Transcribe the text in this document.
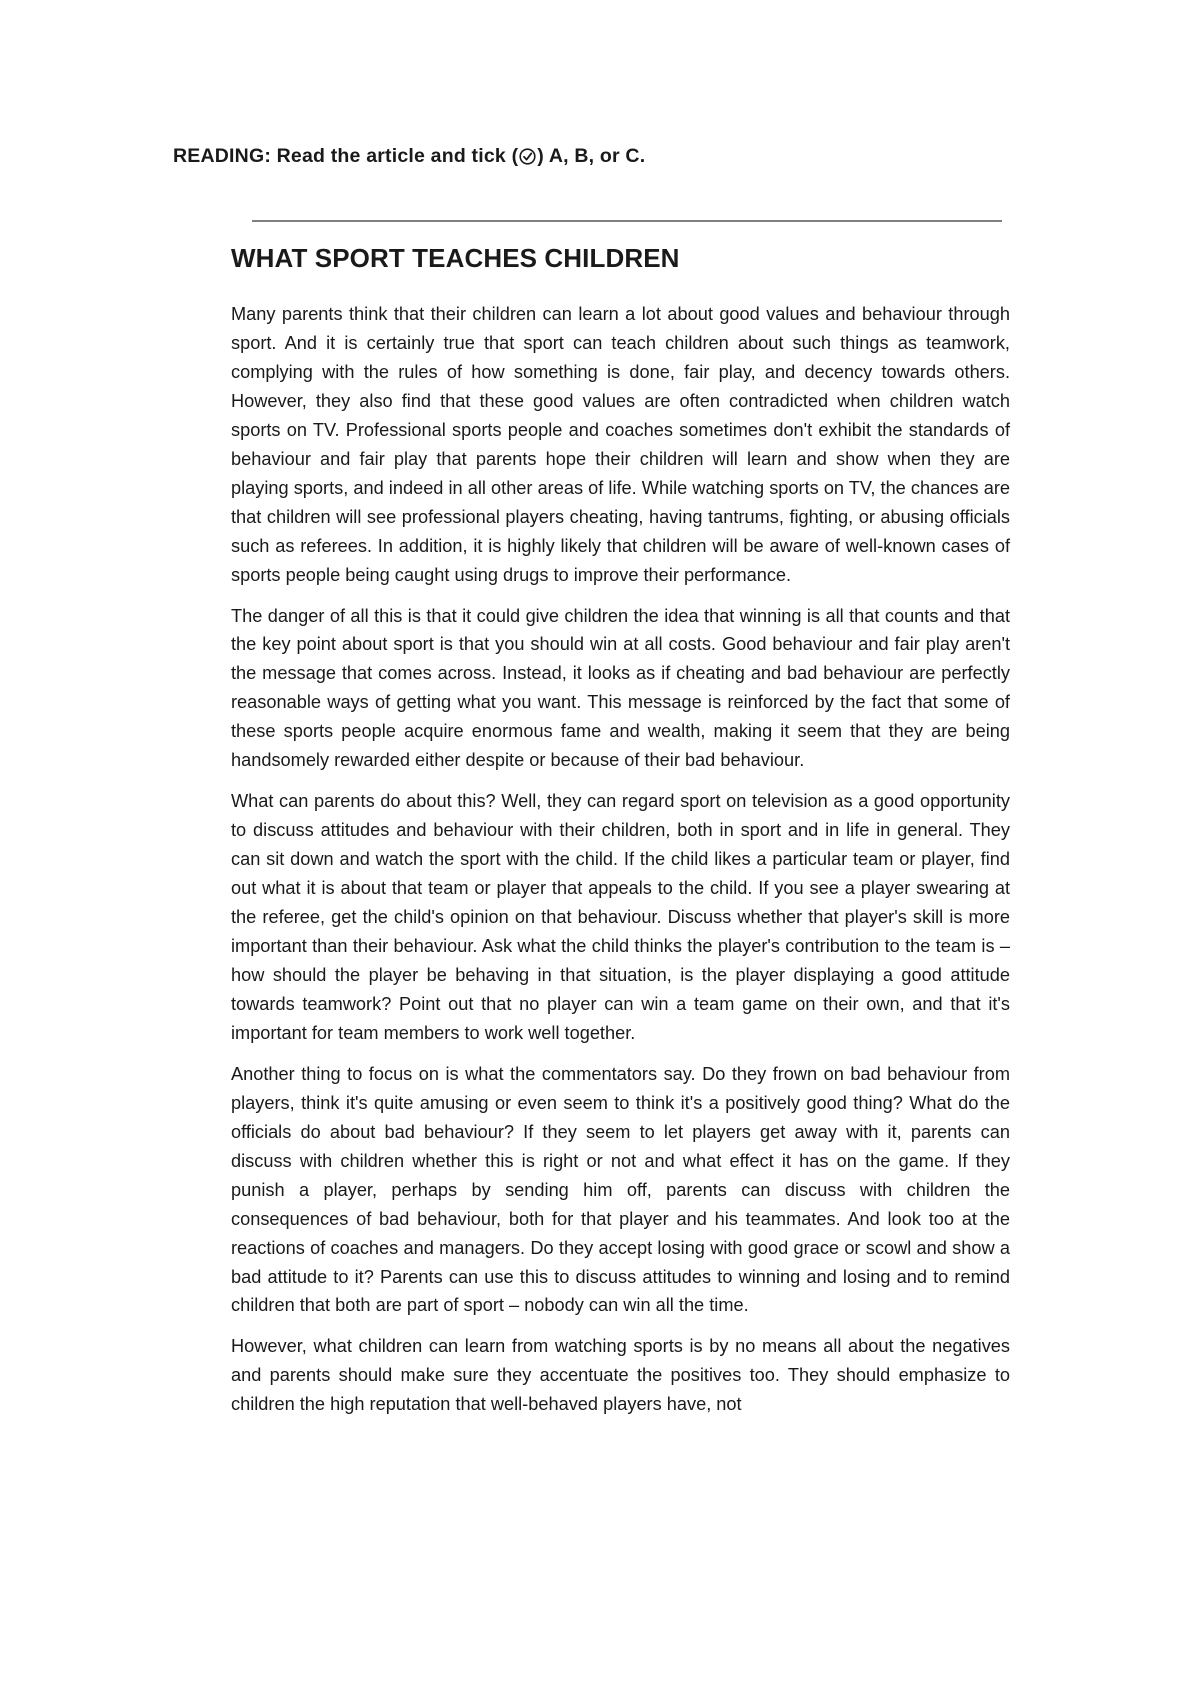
READING: Read the article and tick ( ) A, B, or C.
WHAT SPORT TEACHES CHILDREN

Many parents think that their children can learn a lot about good values and behaviour through sport. And it is certainly true that sport can teach children about such things as teamwork, complying with the rules of how something is done, fair play, and decency towards others. However, they also find that these good values are often contradicted when children watch sports on TV. Professional sports people and coaches sometimes don't exhibit the standards of behaviour and fair play that parents hope their children will learn and show when they are playing sports, and indeed in all other areas of life. While watching sports on TV, the chances are that children will see professional players cheating, having tantrums, fighting, or abusing officials such as referees. In addition, it is highly likely that children will be aware of well-known cases of sports people being caught using drugs to improve their performance.

The danger of all this is that it could give children the idea that winning is all that counts and that the key point about sport is that you should win at all costs. Good behaviour and fair play aren't the message that comes across. Instead, it looks as if cheating and bad behaviour are perfectly reasonable ways of getting what you want. This message is reinforced by the fact that some of these sports people acquire enormous fame and wealth, making it seem that they are being handsomely rewarded either despite or because of their bad behaviour.

What can parents do about this? Well, they can regard sport on television as a good opportunity to discuss attitudes and behaviour with their children, both in sport and in life in general. They can sit down and watch the sport with the child. If the child likes a particular team or player, find out what it is about that team or player that appeals to the child. If you see a player swearing at the referee, get the child's opinion on that behaviour. Discuss whether that player's skill is more important than their behaviour. Ask what the child thinks the player's contribution to the team is – how should the player be behaving in that situation, is the player displaying a good attitude towards teamwork? Point out that no player can win a team game on their own, and that it's important for team members to work well together.

Another thing to focus on is what the commentators say. Do they frown on bad behaviour from players, think it's quite amusing or even seem to think it's a positively good thing? What do the officials do about bad behaviour? If they seem to let players get away with it, parents can discuss with children whether this is right or not and what effect it has on the game. If they punish a player, perhaps by sending him off, parents can discuss with children the consequences of bad behaviour, both for that player and his teammates. And look too at the reactions of coaches and managers. Do they accept losing with good grace or scowl and show a bad attitude to it? Parents can use this to discuss attitudes to winning and losing and to remind children that both are part of sport – nobody can win all the time.

However, what children can learn from watching sports is by no means all about the negatives and parents should make sure they accentuate the positives too. They should emphasize to children the high reputation that well-behaved players have, not
